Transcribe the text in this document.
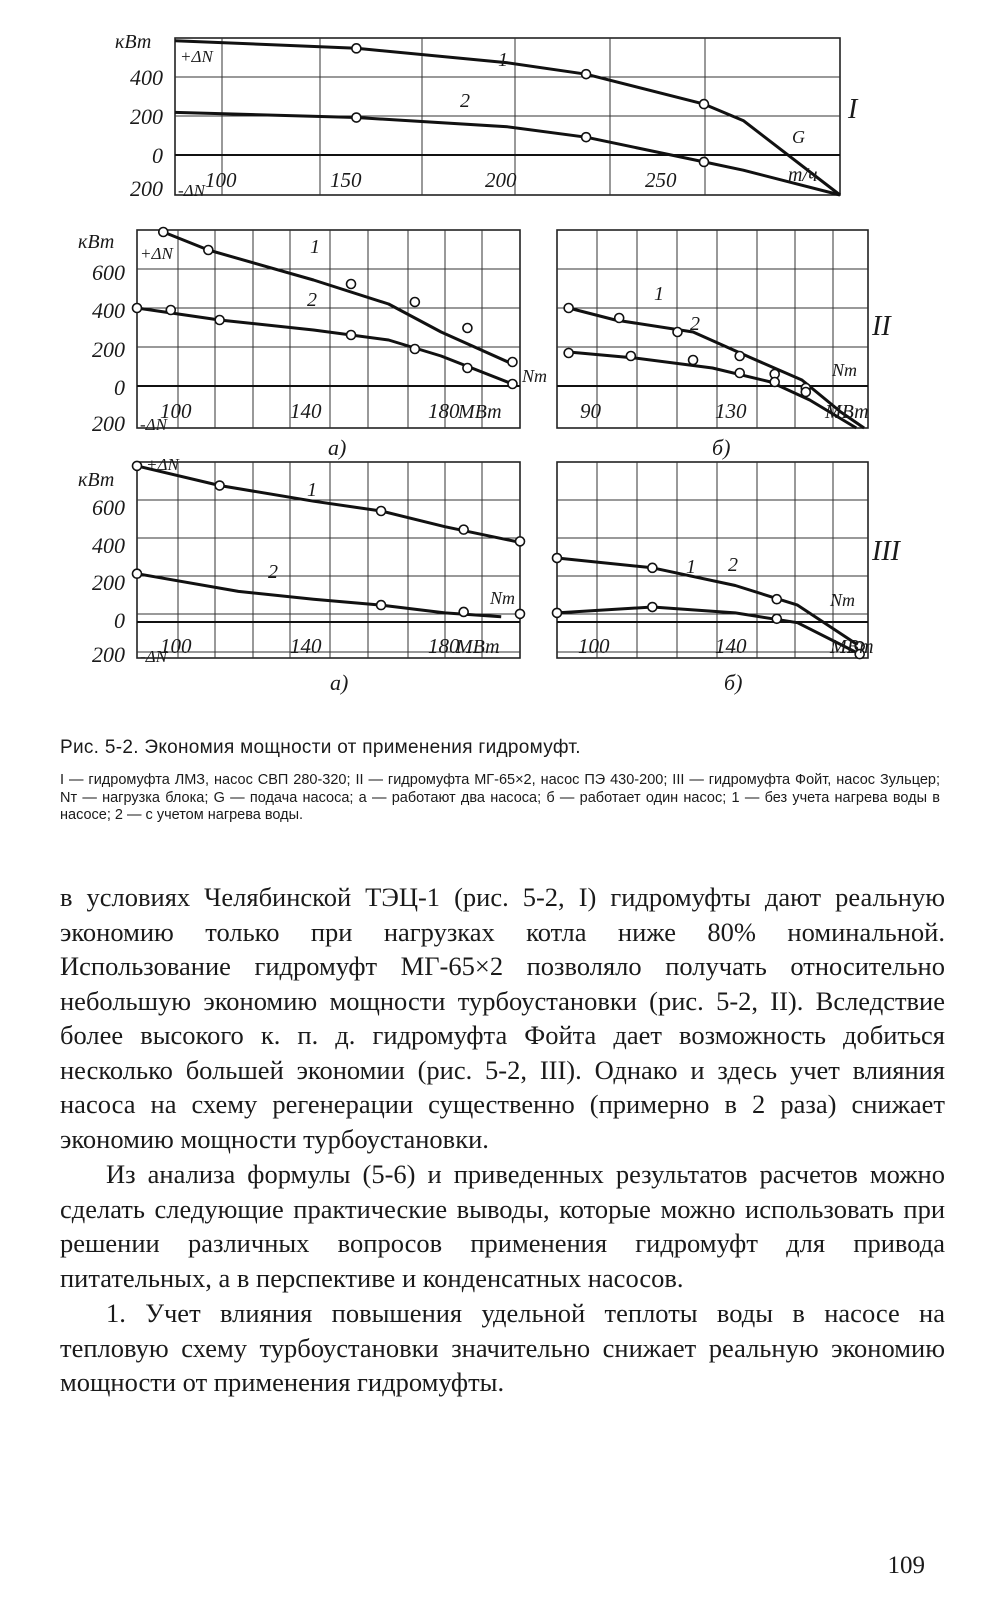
400
200
0
200 100	150	200	250
кВт
+ΔN
-ΔN
т/ч
G
I
1
2
600
400
200
0
200 100	140	180
кВт
+ΔN
-ΔN
МВт
Nт
а)
1
2
90	130	МВт
Nт
II
б)
1
2
600
400
200
0
200 100	140	180
кВт
+ΔN
-ΔN	МВт
Nт
а)
1
2
100	140	МВт
Nт
III
б)
1 2
Рис. 5-2. Экономия мощности от применения гидромуфт.
I — гидромуфта ЛМЗ, насос СВП 280-320; II — гидромуфта МГ-65×2, насос ПЭ 430-200; III — гидромуфта Фойт, насос Зульцер; Nт — нагрузка блока; G — подача насоса; а — работают два насоса; б — работает один насос; 1 — без учета нагрева воды в насосе; 2 — с учетом нагрева воды.

в условиях Челябинской ТЭЦ-1 (рис. 5-2, I) гидромуфты дают реальную экономию только при нагрузках котла ниже 80% номинальной. Использование гидромуфт МГ-65×2 позволяло получать относительно небольшую экономию мощности турбоустановки (рис. 5-2, II). Вследствие более высокого к. п. д. гидромуфта Фойта дает возможность добиться несколько большей экономии (рис. 5-2, III). Однако и здесь учет влияния насоса на схему регенерации существенно (примерно в 2 раза) снижает экономию мощности турбоустановки.

Из анализа формулы (5-6) и приведенных результатов расчетов можно сделать следующие практические выводы, которые можно использовать при решении различных вопросов применения гидромуфт для привода питательных, а в перспективе и конденсатных насосов.

1. Учет влияния повышения удельной теплоты воды в насосе на тепловую схему турбоустановки значительно снижает реальную экономию мощности от применения гидромуфты.

109
